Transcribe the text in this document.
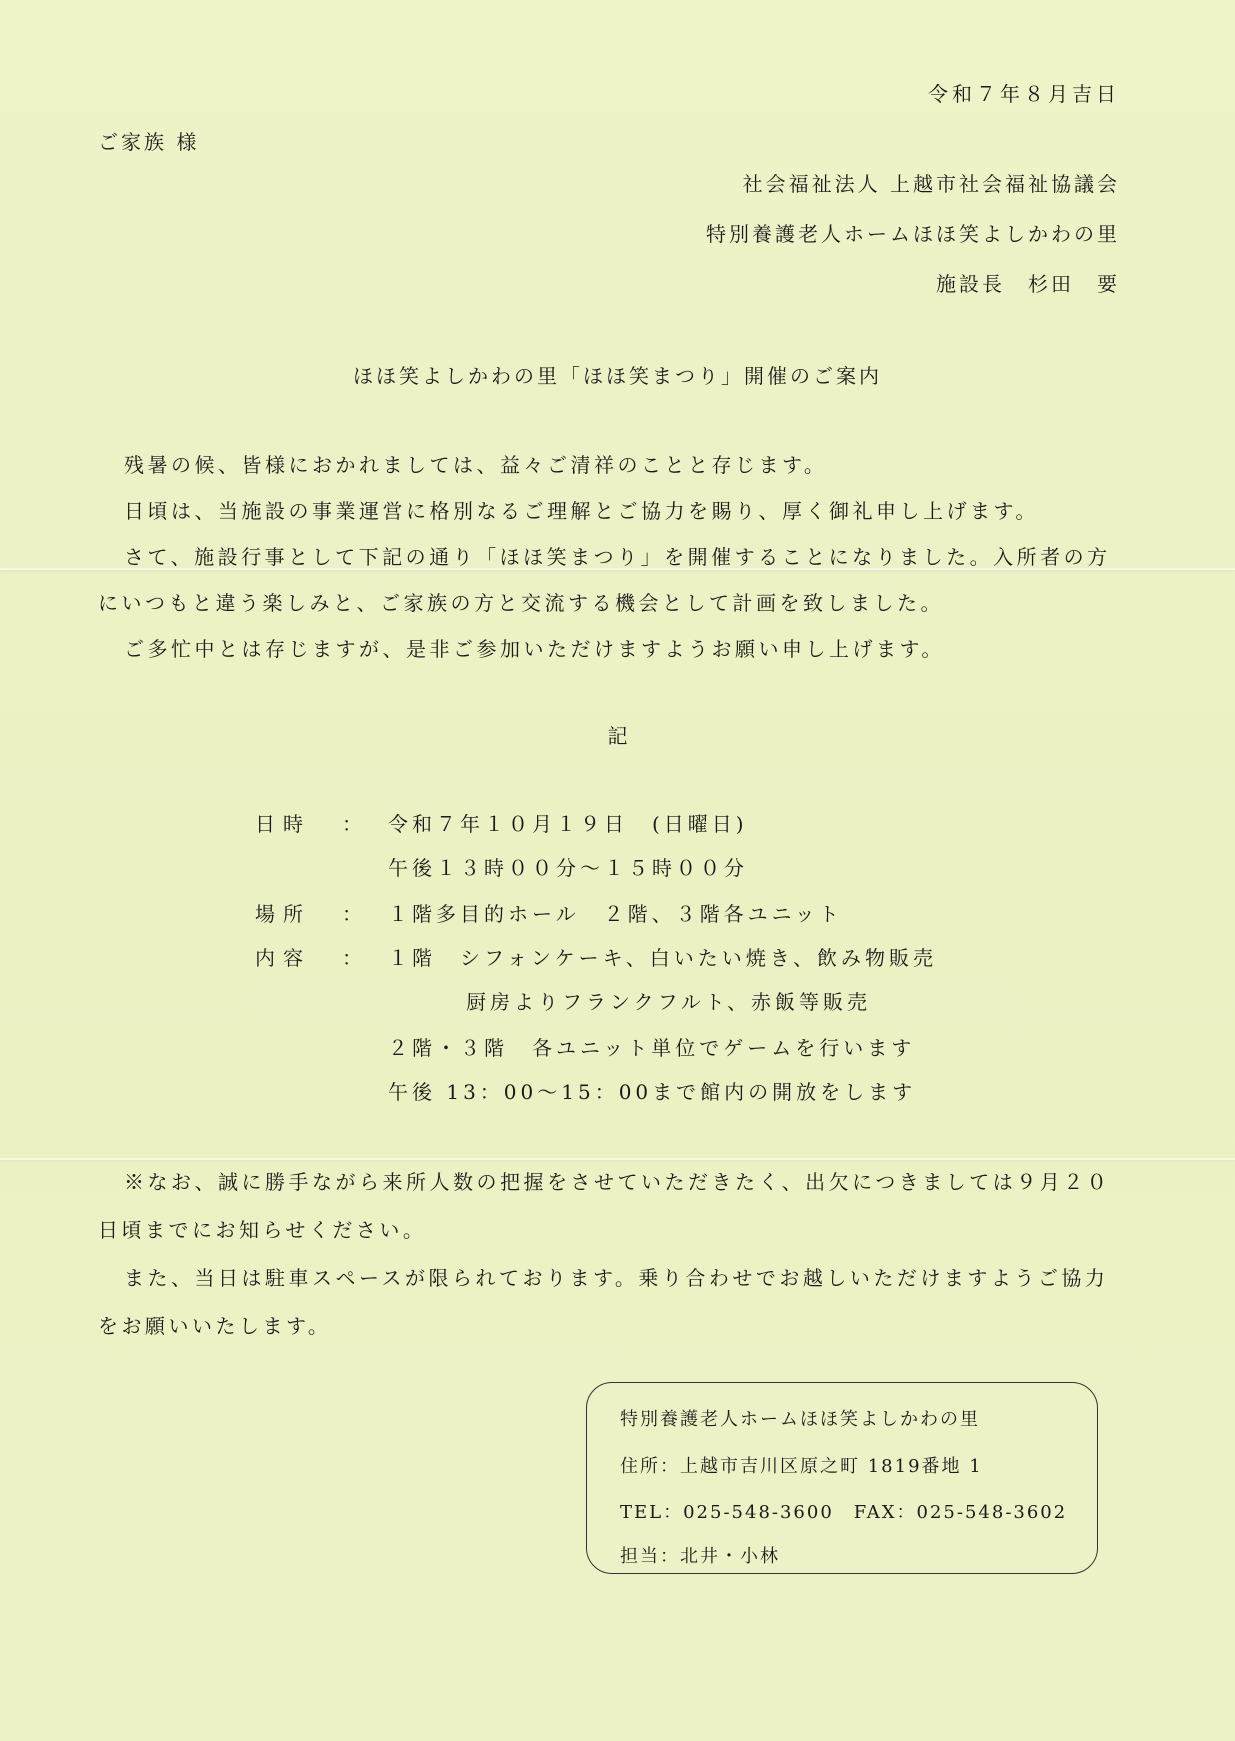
令和７年８月吉日
ご家族 様
社会福祉法人 上越市社会福祉協議会
特別養護老人ホームほほ笑よしかわの里
施設長　杉田　要
ほほ笑よしかわの里「ほほ笑まつり」開催のご案内
残暑の候、皆様におかれましては、益々ご清祥のことと存じます。
日頃は、当施設の事業運営に格別なるご理解とご協力を賜り、厚く御礼申し上げます。
さて、施設行事として下記の通り「ほほ笑まつり」を開催することになりました。入所者の方にいつもと違う楽しみと、ご家族の方と交流する機会として計画を致しました。
ご多忙中とは存じますが、是非ご参加いただけますようお願い申し上げます。
記
日時 ： 令和７年１０月１９日　(日曜日)
午後１３時００分～１５時００分
場所 ： １階多目的ホール　２階、３階各ユニット
内容 ： １階　シフォンケーキ、白いたい焼き、飲み物販売
厨房よりフランクフルト、赤飯等販売
２階・３階　各ユニット単位でゲームを行います
午後 13：00～15：00まで館内の開放をします
※なお、誠に勝手ながら来所人数の把握をさせていただきたく、出欠につきましては９月２０日頃までにお知らせください。
また、当日は駐車スペースが限られております。乗り合わせでお越しいただけますようご協力をお願いいたします。
特別養護老人ホームほほ笑よしかわの里
住所：上越市吉川区原之町 1819番地 1
TEL：025-548-3600　FAX：025-548-3602
担当：北井・小林
